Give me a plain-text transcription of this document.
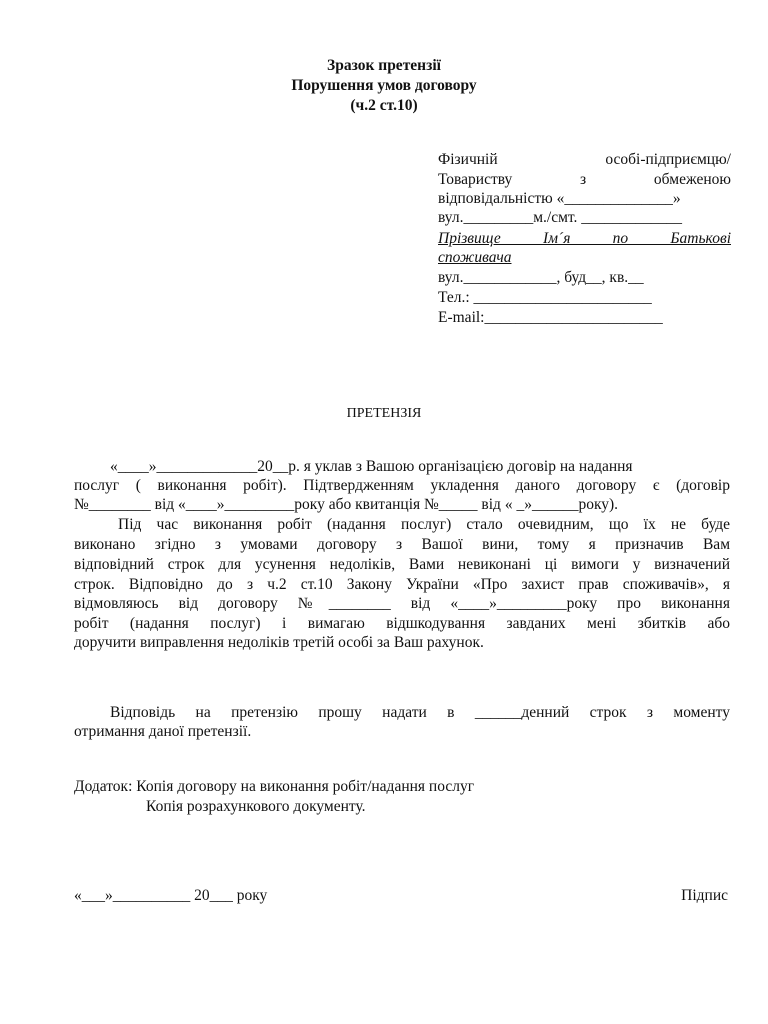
Зразок претензії
Порушення умов договору
(ч.2 ст.10)
Фізичній особі-підприємцю/
Товариству з обмеженою
відповідальністю «______________»
вул._________м./смт. _____________
Прізвище Ім´я по Батькові
споживача
вул.____________, буд__, кв.__
Тел.: _______________________
E-mail:_______________________
ПРЕТЕНЗІЯ
«____»_____________20__р. я уклав з Вашою організацією договір на надання
послуг ( виконання робіт). Підтвердженням укладення даного договору є (договір
№________ від «____»_________року або квитанція №_____ від « _»______року).
Під час виконання робіт (надання послуг) стало очевидним, що їх не буде
виконано згідно з умовами договору з Вашої вини, тому я призначив Вам
відповідний строк для усунення недоліків, Вами невиконані ці вимоги у визначений
строк. Відповідно до з ч.2 ст.10 Закону України «Про захист прав споживачів», я
відмовляюсь від договору №________ від «____»_________року про виконання
робіт (надання послуг) і вимагаю відшкодування завданих мені збитків або
доручити виправлення недоліків третій особі за Ваш рахунок.
Відповідь на претензію прошу надати в ______денний строк з моменту
отримання даної претензії.
Додаток: Копія договору на виконання робіт/надання послуг
Копія розрахункового документу.
«___»__________ 20___ року	Підпис
